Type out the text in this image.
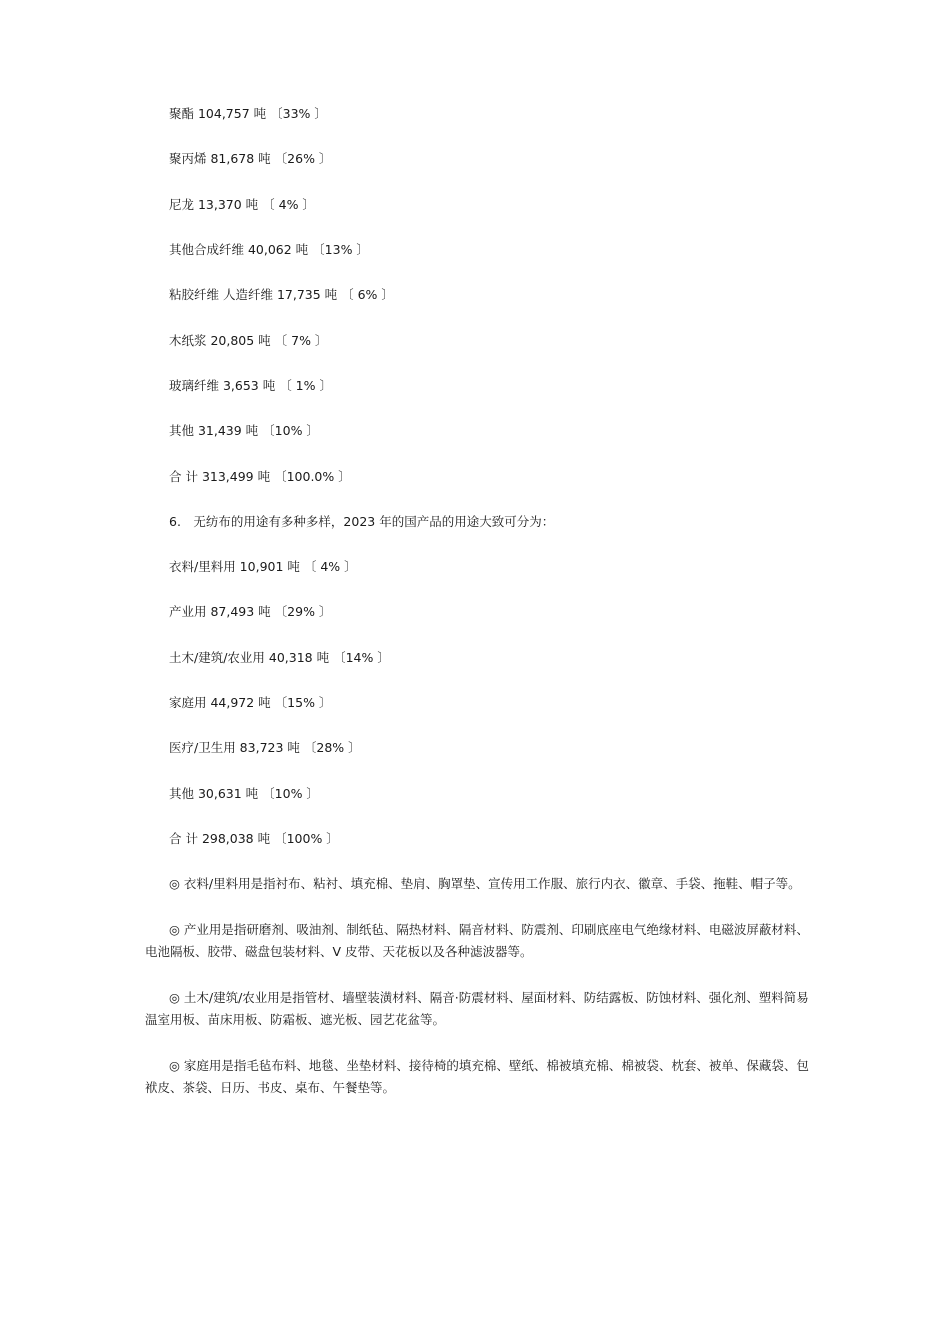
聚酯 104,757 吨 〔33% 〕
聚丙烯 81,678 吨 〔26% 〕
尼龙 13,370 吨 〔 4% 〕
其他合成纤维 40,062 吨 〔13% 〕
粘胶纤维 人造纤维 17,735 吨 〔 6% 〕
木纸浆 20,805 吨 〔 7% 〕
玻璃纤维 3,653 吨 〔 1% 〕
其他 31,439 吨 〔10% 〕
合 计 313,499 吨 〔100.0% 〕
6.　无纺布的用途有多种多样，2023 年的国产品的用途大致可分为：
衣料/里料用 10,901 吨 〔 4% 〕
产业用 87,493 吨 〔29% 〕
土木/建筑/农业用 40,318 吨 〔14% 〕
家庭用 44,972 吨 〔15% 〕
医疗/卫生用 83,723 吨 〔28% 〕
其他 30,631 吨 〔10% 〕
合 计 298,038 吨 〔100% 〕
◎ 衣料/里料用是指衬布、粘衬、填充棉、垫肩、胸罩垫、宣传用工作服、旅行内衣、徽章、手袋、拖鞋、帽子等。
◎ 产业用是指研磨剂、吸油剂、制纸毡、隔热材料、隔音材料、防震剂、印刷底座电气绝缘材料、电磁波屏蔽材料、电池隔板、胶带、磁盘包装材料、V 皮带、天花板以及各种滤波器等。
◎ 土木/建筑/农业用是指管材、墙壁装潢材料、隔音·防震材料、屋面材料、防结露板、防蚀材料、强化剂、塑料简易温室用板、苗床用板、防霜板、遮光板、园艺花盆等。
◎ 家庭用是指毛毡布料、地毯、坐垫材料、接待椅的填充棉、壁纸、棉被填充棉、棉被袋、枕套、被单、保藏袋、包袱皮、茶袋、日历、书皮、桌布、午餐垫等。
